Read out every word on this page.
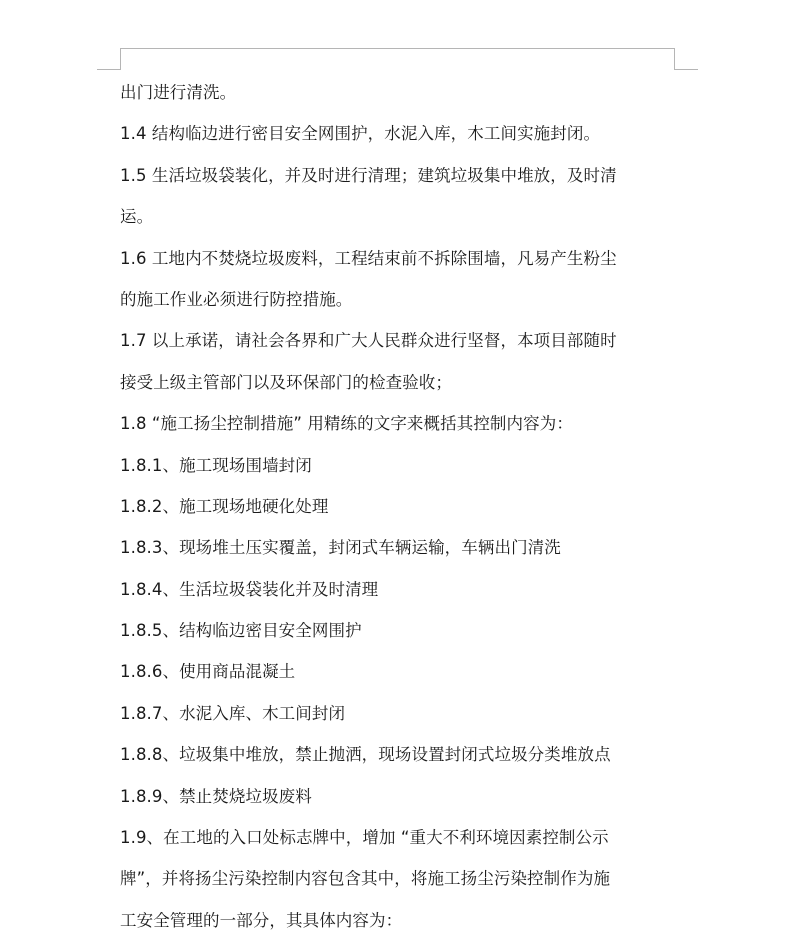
出门进行清洗。
1.4 结构临边进行密目安全网围护，水泥入库，木工间实施封闭。
1.5 生活垃圾袋装化，并及时进行清理；建筑垃圾集中堆放，及时清
运。
1.6 工地内不焚烧垃圾废料，工程结束前不拆除围墙，凡易产生粉尘
的施工作业必须进行防控措施。
1.7 以上承诺，请社会各界和广大人民群众进行坚督，本项目部随时
接受上级主管部门以及环保部门的检查验收；
1.8 “施工扬尘控制措施” 用精练的文字来概括其控制内容为：
1.8.1、施工现场围墙封闭
1.8.2、施工现场地硬化处理
1.8.3、现场堆土压实覆盖，封闭式车辆运输，车辆出门清洗
1.8.4、生活垃圾袋装化并及时清理
1.8.5、结构临边密目安全网围护
1.8.6、使用商品混凝土
1.8.7、水泥入库、木工间封闭
1.8.8、垃圾集中堆放，禁止抛洒，现场设置封闭式垃圾分类堆放点
1.8.9、禁止焚烧垃圾废料
1.9、在工地的入口处标志牌中，增加 “重大不利环境因素控制公示
牌”，并将扬尘污染控制内容包含其中，将施工扬尘污染控制作为施
工安全管理的一部分，其具体内容为：
